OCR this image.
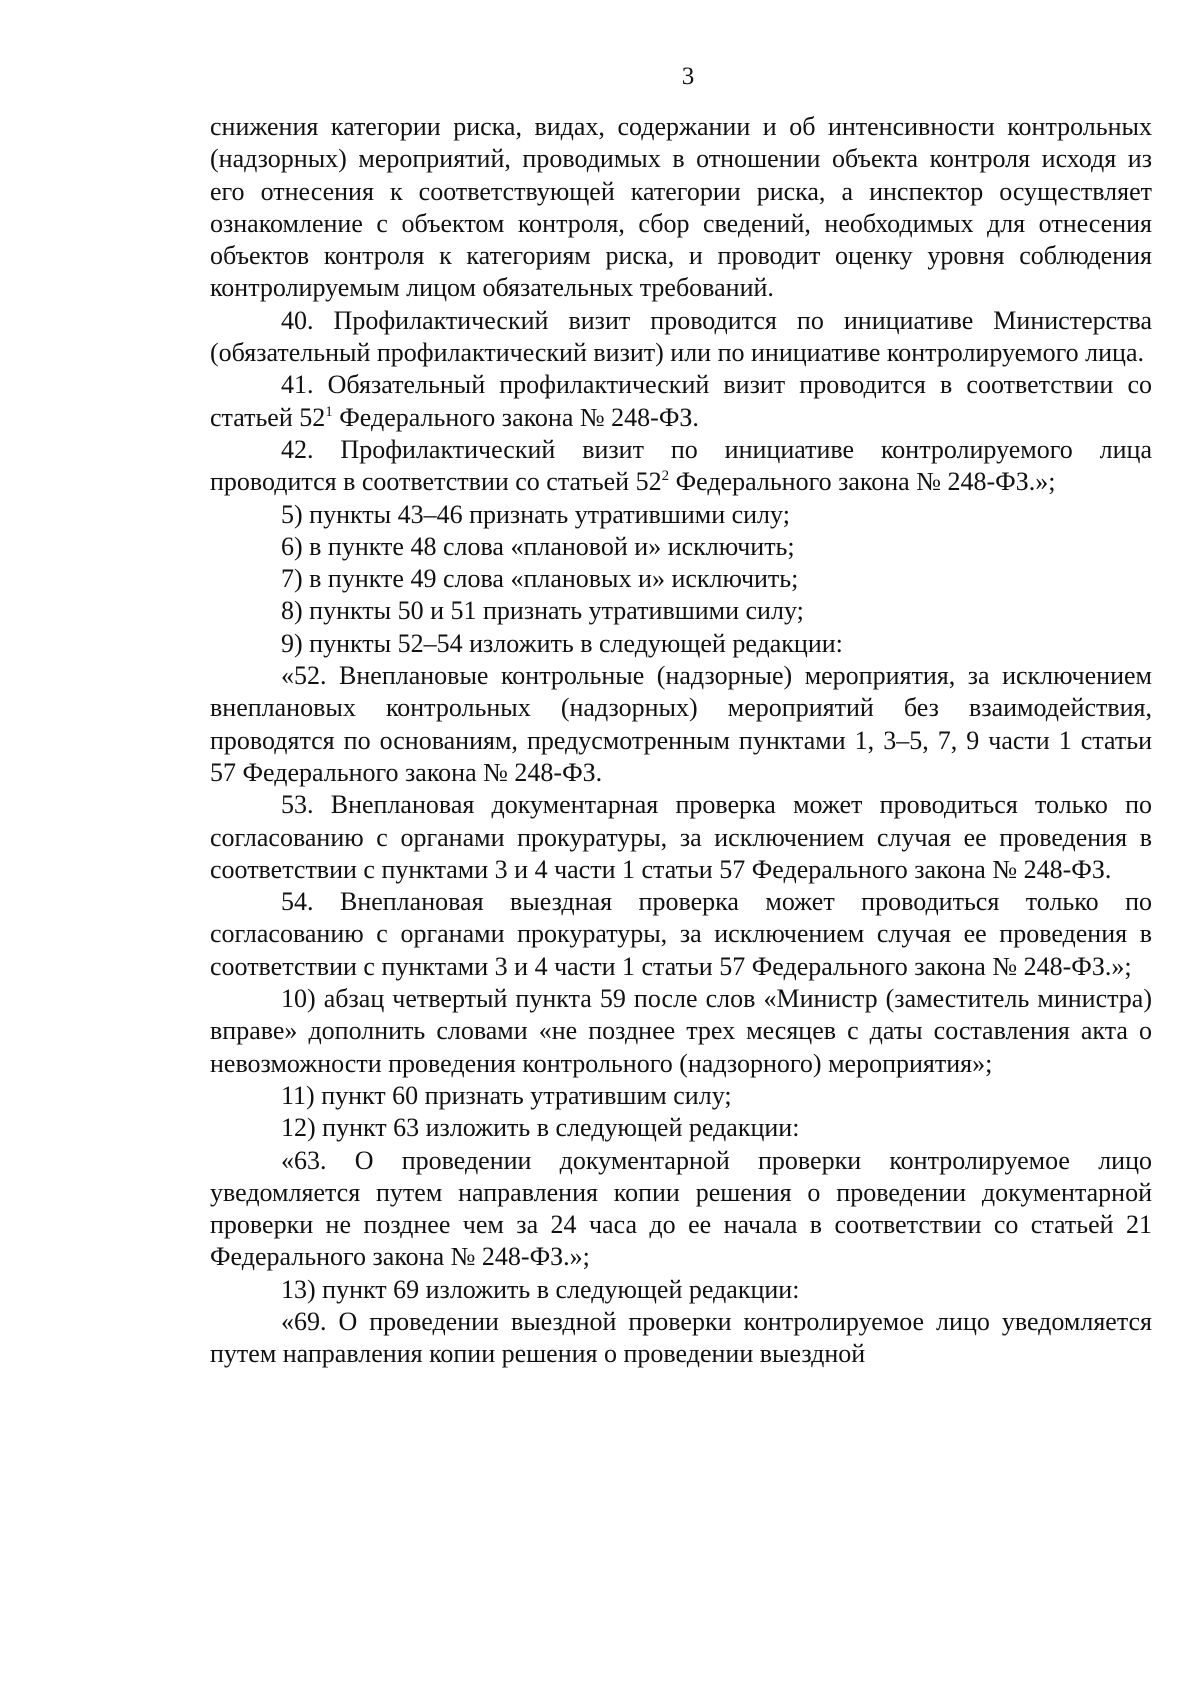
3

снижения категории риска, видах, содержании и об интенсивности контрольных (надзорных) мероприятий, проводимых в отношении объекта контроля исходя из его отнесения к соответствующей категории риска, а инспектор осуществляет ознакомление с объектом контроля, сбор сведений, необходимых для отнесения объектов контроля к категориям риска, и проводит оценку уровня соблюдения контролируемым лицом обязательных требований.

40. Профилактический визит проводится по инициативе Министерства (обязательный профилактический визит) или по инициативе контролируемого лица.

41. Обязательный профилактический визит проводится в соответствии со статьей $52^1$ Федерального закона № 248-ФЗ.

42. Профилактический визит по инициативе контролируемого лица проводится в соответствии со статьей $52^2$ Федерального закона № 248-ФЗ.»;

5) пункты 43–46 признать утратившими силу;

6) в пункте 48 слова «плановой и» исключить;

7) в пункте 49 слова «плановых и» исключить;

8) пункты 50 и 51 признать утратившими силу;

9) пункты 52–54 изложить в следующей редакции:

«52. Внеплановые контрольные (надзорные) мероприятия, за исключением внеплановых контрольных (надзорных) мероприятий без взаимодействия, проводятся по основаниям, предусмотренным пунктами 1, 3–5, 7, 9 части 1 статьи 57 Федерального закона № 248-ФЗ.

53. Внеплановая документарная проверка может проводиться только по согласованию с органами прокуратуры, за исключением случая ее проведения в соответствии с пунктами 3 и 4 части 1 статьи 57 Федерального закона № 248-ФЗ.

54. Внеплановая выездная проверка может проводиться только по согласованию с органами прокуратуры, за исключением случая ее проведения в соответствии с пунктами 3 и 4 части 1 статьи 57 Федерального закона № 248-ФЗ.»;

10) абзац четвертый пункта 59 после слов «Министр (заместитель министра) вправе» дополнить словами «не позднее трех месяцев с даты составления акта о невозможности проведения контрольного (надзорного) мероприятия»;

11) пункт 60 признать утратившим силу;

12) пункт 63 изложить в следующей редакции:

«63. О проведении документарной проверки контролируемое лицо уведомляется путем направления копии решения о проведении документарной проверки не позднее чем за 24 часа до ее начала в соответствии со статьей 21 Федерального закона № 248-ФЗ.»;

13) пункт 69 изложить в следующей редакции:

«69. О проведении выездной проверки контролируемое лицо уведомляется путем направления копии решения о проведении выездной
